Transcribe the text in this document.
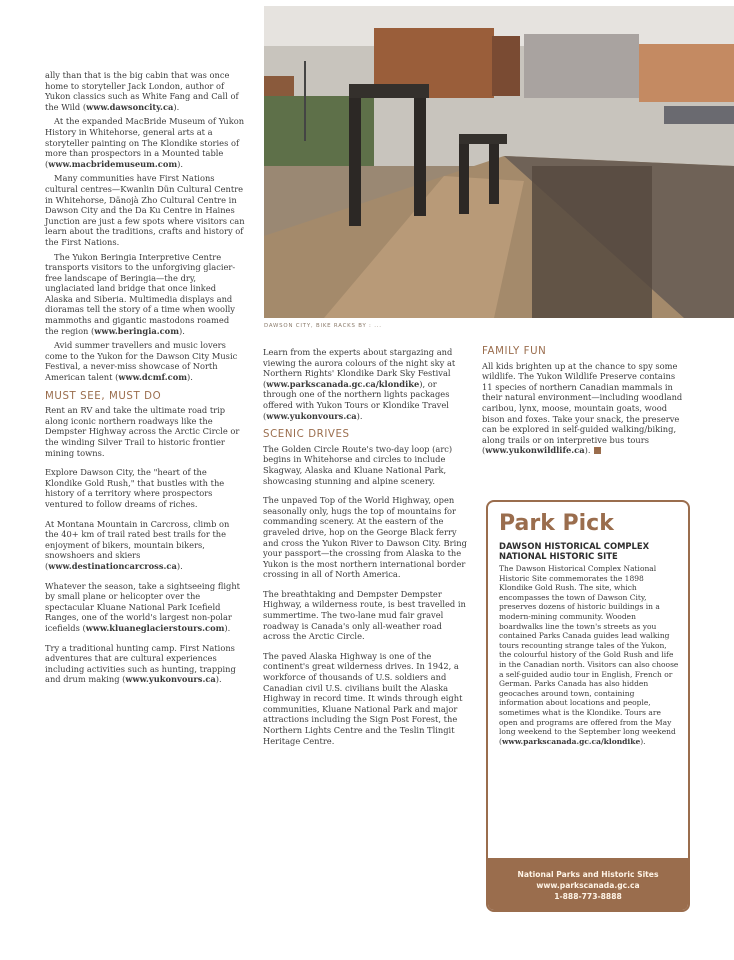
DAWSON CITY, BIKE RACKS BY : ...

ally than that is the big cabin that was once home to storyteller Jack London, author of Yukon classics such as White Fang and Call of the Wild (www.dawsoncity.ca).

At the expanded MacBride Museum of Yukon History in Whitehorse, general arts at a storyteller painting on The Klondike stories of more than prospectors in a Mounted table (www.macbridemuseum.com).

Many communities have First Nations cultural centres—Kwanlin Dün Cultural Centre in Whitehorse, Dänojà Zho Cultural Centre in Dawson City and the Da Ku Centre in Haines Junction are just a few spots where visitors can learn about the traditions, crafts and history of the First Nations.

The Yukon Beringia Interpretive Centre transports visitors to the unforgiving glacier-free landscape of Beringia—the dry, unglaciated land bridge that once linked Alaska and Siberia. Multimedia displays and dioramas tell the story of a time when woolly mammoths and gigantic mastodons roamed the region (www.beringia.com).

Avid summer travellers and music lovers come to the Yukon for the Dawson City Music Festival, a never-miss showcase of North American talent (www.dcmf.com).

MUST SEE, MUST DO

Rent an RV and take the ultimate road trip along iconic northern roadways like the Dempster Highway across the Arctic Circle or the winding Silver Trail to historic frontier mining towns.

Explore Dawson City, the "heart of the Klondike Gold Rush," that bustles with the history of a territory where prospectors ventured to follow dreams of riches.

At Montana Mountain in Carcross, climb on the 40+ km of trail rated best trails for the enjoyment of bikers, mountain bikers, snowshoers and skiers (www.destinationcarcross.ca).

Whatever the season, take a sightseeing flight by small plane or helicopter over the spectacular Kluane National Park Icefield Ranges, one of the world's largest non-polar icefields (www.kluaneglacierstours.com).

Try a traditional hunting camp. First Nations adventures that are cultural experiences including activities such as hunting, trapping and drum making (www.yukonvours.ca).

Learn from the experts about stargazing and viewing the aurora colours of the night sky at Northern Rights' Klondike Dark Sky Festival (www.parkscanada.gc.ca/klondike), or through one of the northern lights packages offered with Yukon Tours or Klondike Travel (www.yukonvours.ca).

SCENIC DRIVES

The Golden Circle Route's two-day loop (arc) begins in Whitehorse and circles to include Skagway, Alaska and Kluane National Park, showcasing stunning and alpine scenery.

The unpaved Top of the World Highway, open seasonally only, hugs the top of mountains for commanding scenery. At the eastern of the graveled drive, hop on the George Black ferry and cross the Yukon River to Dawson City. Bring your passport—the crossing from Alaska to the Yukon is the most northern international border crossing in all of North America.

The breathtaking and Dempster Dempster Highway, a wilderness route, is best travelled in summertime. The two-lane mud fair gravel roadway is Canada's only all-weather road across the Arctic Circle.

The paved Alaska Highway is one of the continent's great wilderness drives. In 1942, a workforce of thousands of U.S. soldiers and Canadian civil U.S. civilians built the Alaska Highway in record time. It winds through eight communities, Kluane National Park and major attractions including the Sign Post Forest, the Northern Lights Centre and the Teslin Tlingit Heritage Centre.

FAMILY FUN

All kids brighten up at the chance to spy some wildlife. The Yukon Wildlife Preserve contains 11 species of northern Canadian mammals in their natural environment—including woodland caribou, lynx, moose, mountain goats, wood bison and foxes. Take your snack, the preserve can be explored in self-guided walking/biking, along trails or on interpretive bus tours (www.yukonwildlife.ca).

Park Pick
DAWSON HISTORICAL COMPLEX NATIONAL HISTORIC SITE
The Dawson Historical Complex National Historic Site commemorates the 1898 Klondike Gold Rush. The site, which encompasses the town of Dawson City, preserves dozens of historic buildings in a modern-mining community. Wooden boardwalks line the town's streets as you contained Parks Canada guides lead walking tours recounting strange tales of the Yukon, the colourful history of the Gold Rush and life in the Canadian north. Visitors can also choose a self-guided audio tour in English, French or German. Parks Canada has also hidden geocaches around town, containing information about locations and people, sometimes what is the Klondike. Tours are open and programs are offered from the May long weekend to the September long weekend (www.parkscanada.gc.ca/klondike).
National Parks and Historic Sites
www.parkscanada.gc.ca
1-888-773-8888
